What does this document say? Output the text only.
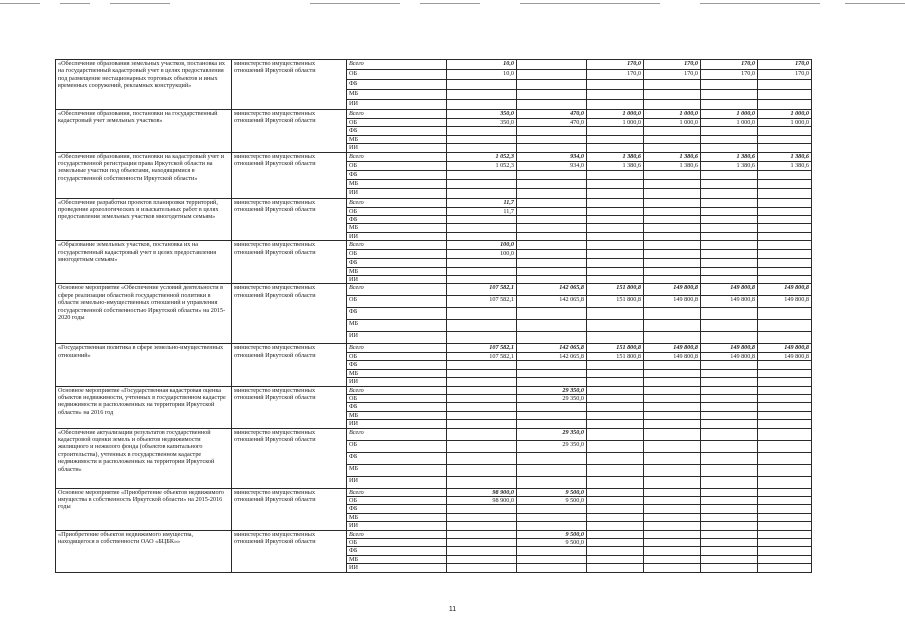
«Обеспечение образования земельных участков, постановка их на государственный кадастровый учет в целях предоставления под размещение нестационарных торговых объектов и иных временных сооружений, рекламных конструкций»	министерство имущественных отношений Иркутской области	Всего	10,0		170,0	170,0	170,0	170,0
		ОБ	10,0		170,0	170,0	170,0	170,0
		ФБ						
		МБ						
		ИИ						
«Обеспечение образования, постановки на государственный кадастровый учет земельных участков»	министерство имущественных отношений Иркутской области	Всего	350,0	470,0	1 000,0	1 000,0	1 000,0	1 000,0
		ОБ	350,0	470,0	1 000,0	1 000,0	1 000,0	1 000,0
		ФБ						
		МБ						
		ИИ						
«Обеспечение образования, постановки на кадастровый учет и государственной регистрации права Иркутской области на земельные участки под объектами, находящимися в государственной собственности Иркутской области»	министерство имущественных отношений Иркутской области	Всего	1 052,3	934,0	1 380,6	1 380,6	1 380,6	1 380,6
		ОБ	1 052,3	934,0	1 380,6	1 380,6	1 380,6	1 380,6
		ФБ						
		МБ						
		ИИ						
«Обеспечение разработки проектов планировки территорий, проведение археологических и изыскательных работ в целях предоставления земельных участков многодетным семьям»	министерство имущественных отношений Иркутской области	Всего	11,7					
		ОБ	11,7					
		ФБ						
		МБ						
		ИИ						
«Образование земельных участков, постановка их на государственный кадастровый учет в целях предоставления многодетным семьям»	министерство имущественных отношений Иркутской области	Всего	100,0					
		ОБ	100,0					
		ФБ						
		МБ						
		ИИ						
Основное мероприятие «Обеспечение условий деятельности в сфере реализации областной государственной политики в области земельно-имущественных отношений и управления государственной собственностью Иркутской области» на 2015-2020 годы	министерство имущественных отношений Иркутской области	Всего	107 582,1	142 065,8	151 800,8	149 800,8	149 800,8	149 800,8
		ОБ	107 582,1	142 065,8	151 800,8	149 800,8	149 800,8	149 800,8
		ФБ						
		МБ						
		ИИ						
«Государственная политика в сфере земельно-имущественных отношений»	министерство имущественных отношений Иркутской области	Всего	107 582,1	142 065,8	151 800,8	149 800,8	149 800,8	149 800,8
		ОБ	107 582,1	142 065,8	151 800,8	149 800,8	149 800,8	149 800,8
		ФБ						
		МБ						
		ИИ						
Основное мероприятие «Государственная кадастровая оценка объектов недвижимости, учтенных в государственном кадастре недвижимости и расположенных на территории Иркутской области» на 2016 год	министерство имущественных отношений Иркутской области	Всего		29 350,0				
		ОБ		29 350,0				
		ФБ						
		МБ						
		ИИ						
«Обеспечение актуализации результатов государственной кадастровой оценки земель и объектов недвижимости жилищного и нежилого фонда (объектов капитального строительства), учтенных в государственном кадастре недвижимости и расположенных на территории Иркутской области»	министерство имущественных отношений Иркутской области	Всего		29 350,0				
		ОБ		29 350,0				
		ФБ						
		МБ						
		ИИ						
Основное мероприятие «Приобретение объектов недвижимого имущества в собственность Иркутской области» на 2015-2016 годы	министерство имущественных отношений Иркутской области	Всего	98 900,0	9 500,0				
		ОБ	98 900,0	9 500,0				
		ФБ						
		МБ						
		ИИ						
«Приобретение объектов недвижимого имущества, находящегося в собственности ОАО «БЦБК»»	министерство имущественных отношений Иркутской области	Всего		9 500,0				
		ОБ		9 500,0				
		ФБ						
		МБ						
		ИИ						
11
